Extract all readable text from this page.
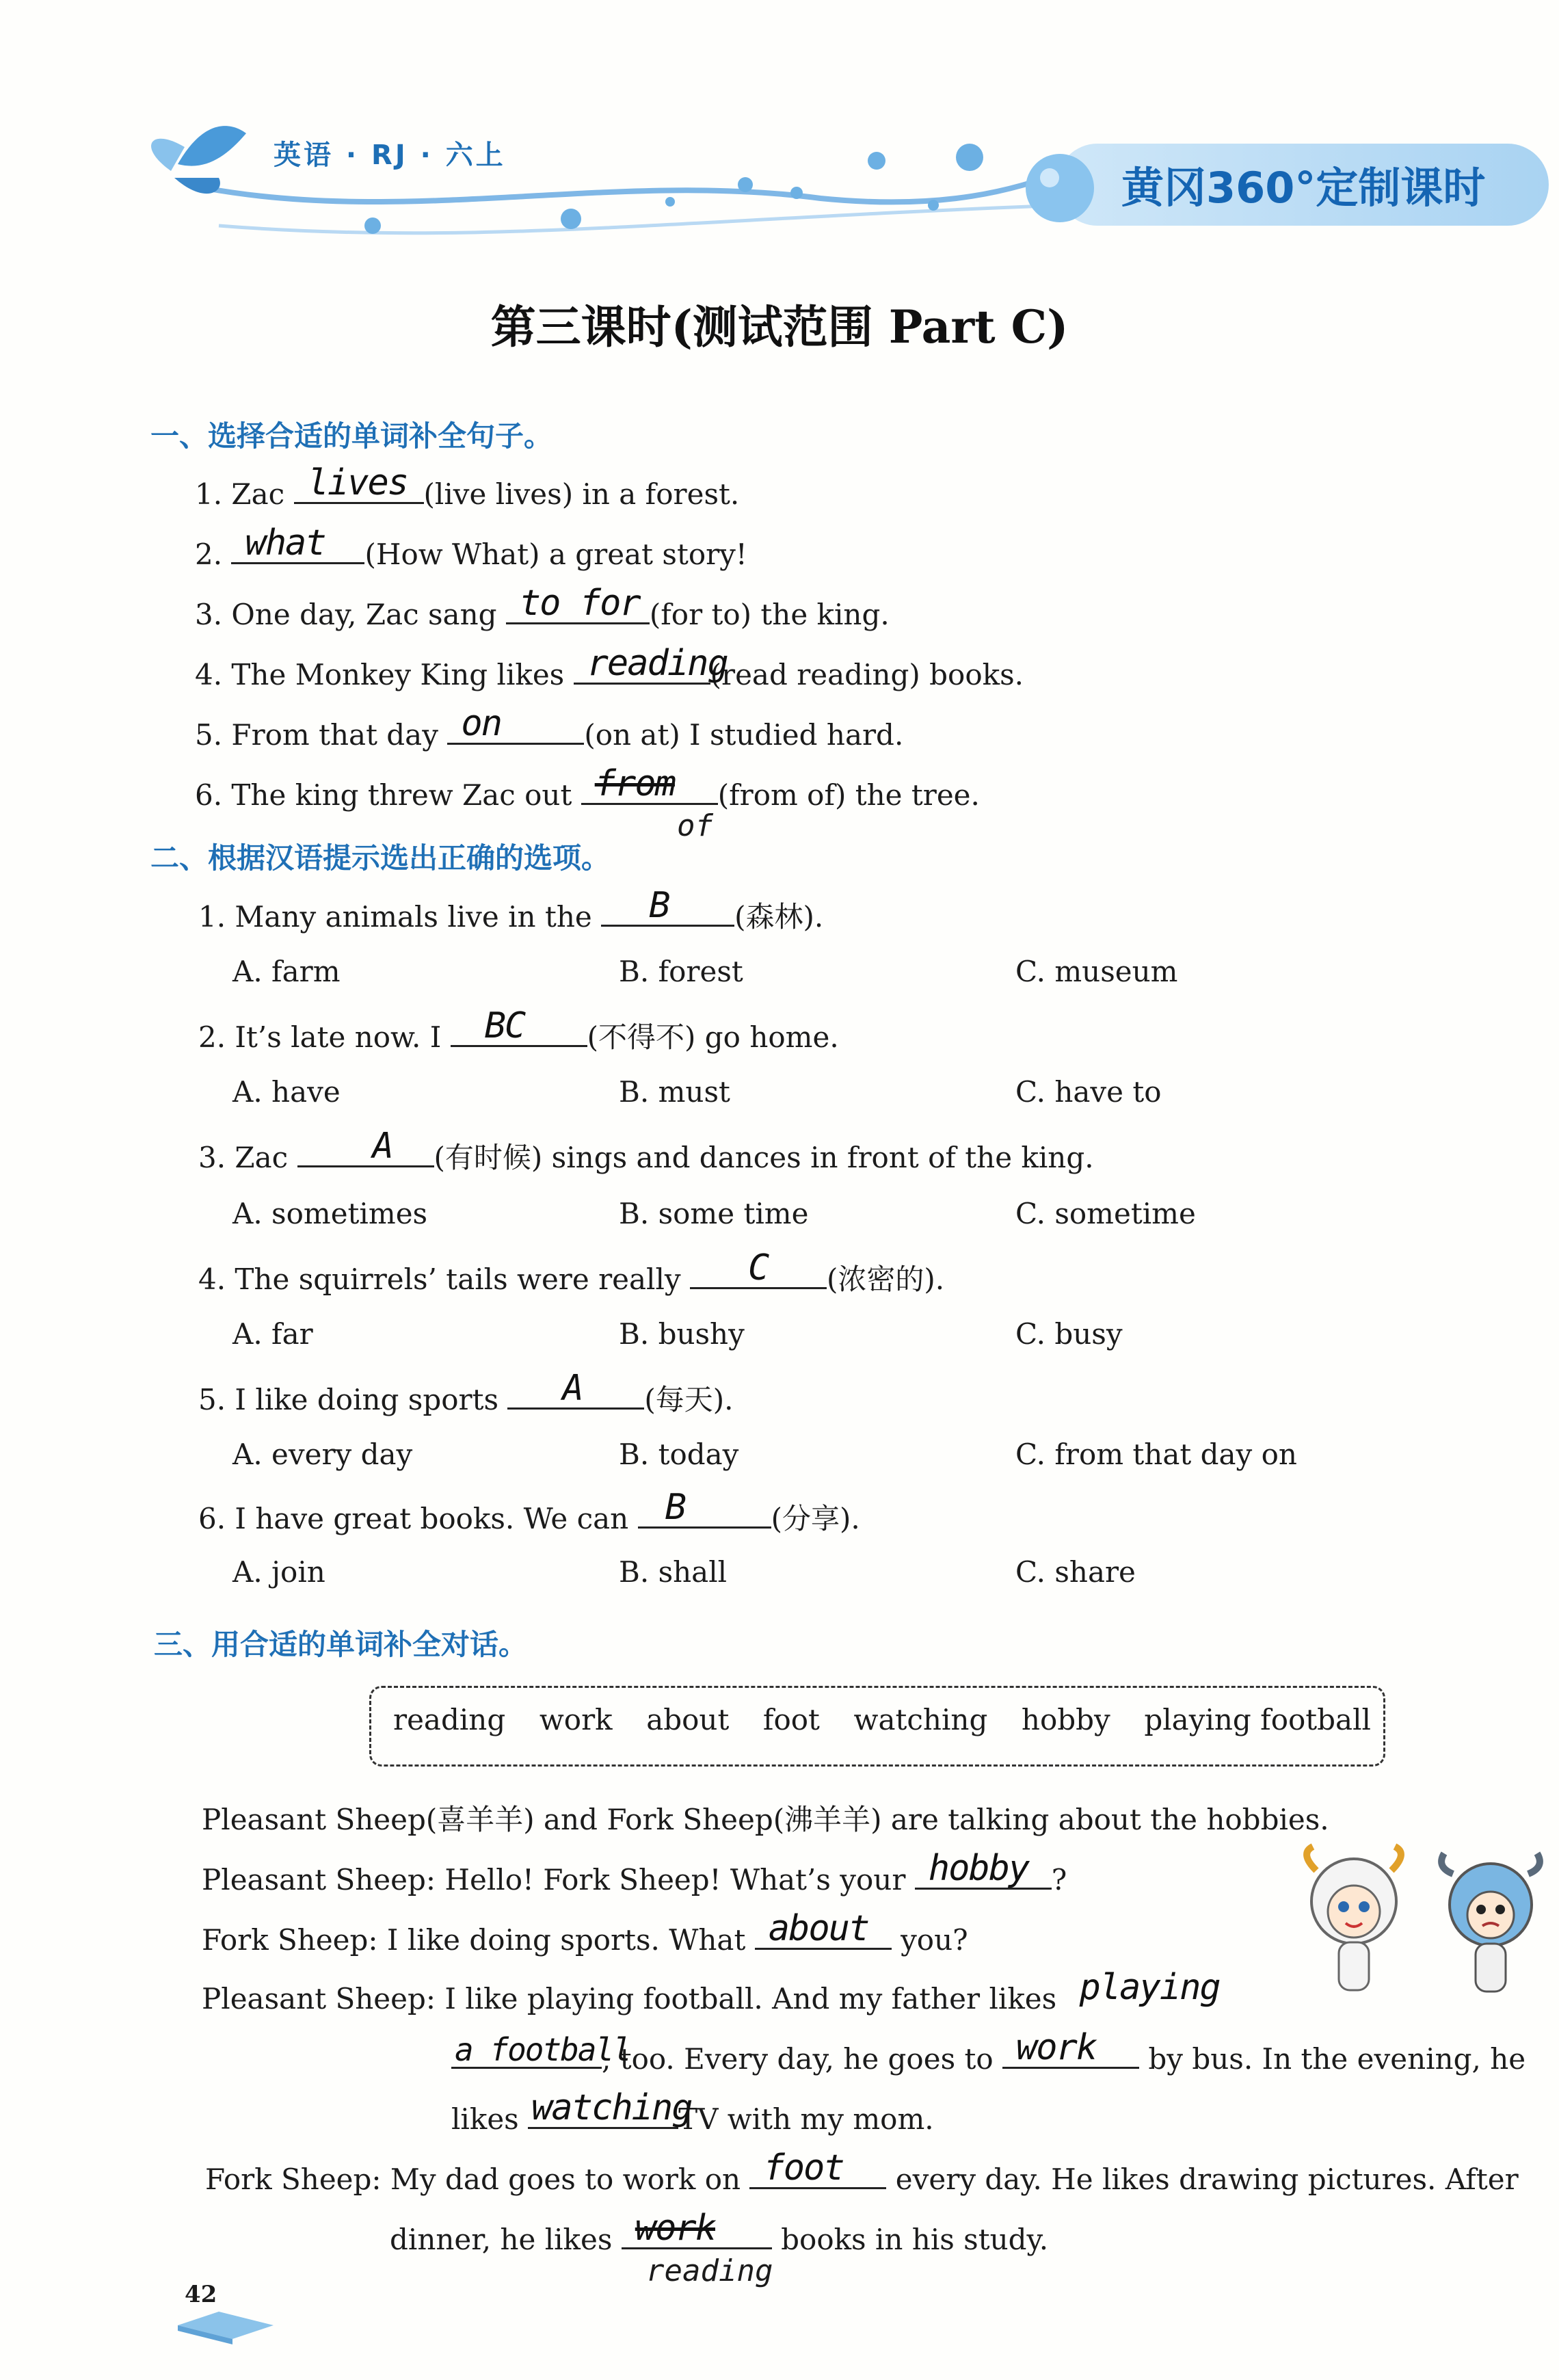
英语 · RJ · 六上
黄冈360°定制课时
第三课时(测试范围 Part C)
一、选择合适的单词补全句子。
1. Zac lives (live lives) in a forest.
2. what (How What) a great story!
3. One day, Zac sang to for (for to) the king.
4. The Monkey King likes reading
(read reading) books.
5. From that day on	(on at) I studied hard.
6. The king threw Zac out from (from of) the tree.
of
二、根据汉语提示选出正确的选项。
1. Many animals live in the B (森林).
A. farm	B. forest	C. museum
2. It’s late now. I BC (不得不) go home.
A. have	B. must	C. have to
3. Zac A (有时候) sings and dances in front of the king.
A. sometimes	B. some time	C. sometime
4. The squirrels’ tails were really C (浓密的).
A. far	B. bushy	C. busy
5. I like doing sports A (每天).
A. every day	B. today	C. from that day on
6. I have great books. We can B	(分享).
A. join	B. shall	C. share
三、用合适的单词补全对话。
reading work about foot watching hobby playing football
Pleasant Sheep(喜羊羊) and Fork Sheep(沸羊羊) are talking about the hobbies.
Pleasant Sheep: Hello! Fork Sheep! What’s your hobby ?
Fork Sheep: I like doing sports. What about you?
Pleasant Sheep: I like playing football. And my father likes playing
a football
, too. Every day, he goes to work by bus. In the evening, he
likes watching
TV with my mom.
Fork Sheep: My dad goes to work on foot every day. He likes drawing pictures. After
dinner, he likes work books in his study.
reading
42
